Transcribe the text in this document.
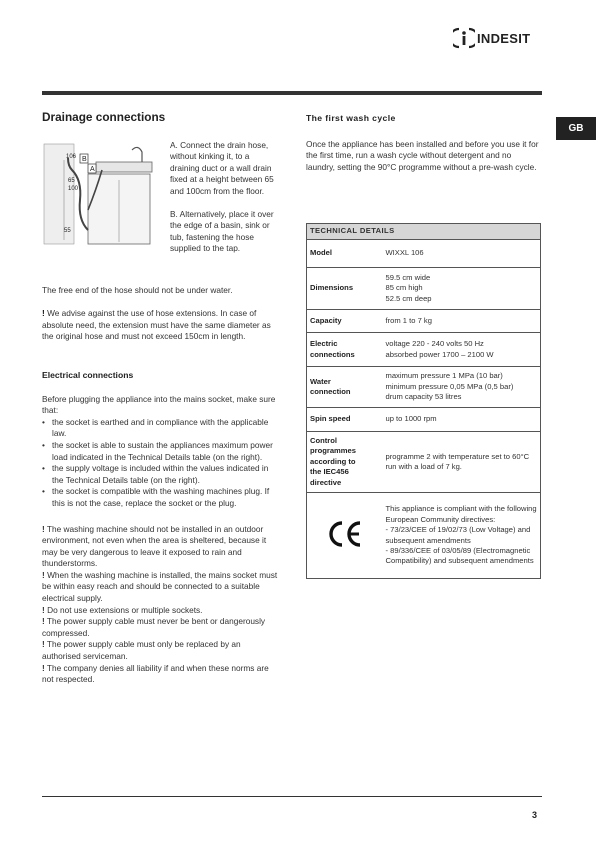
INDESIT
GB
Drainage connections
106
65
100
55
B
A

A. Connect the drain hose, without kinking it, to a draining duct or a wall drain fixed at a height between 65 and 100cm from the floor.

B. Alternatively, place it over the edge of a basin, sink or tub, fastening the hose supplied to the tap.

The free end of the hose should not be under water.

! We advise against the use of hose extensions. In case of absolute need, the extension must have the same diameter as the original hose and must not exceed 150cm in length.

Electrical connections

Before plugging the appliance into the mains socket, make sure that:

• the socket is earthed and in compliance with the applicable law.
• the socket is able to sustain the appliances maximum power load indicated in the Technical Details table (on the right).
• the supply voltage is included within the values indicated in the Technical Details table (on the right).
• the socket is compatible with the washing machines plug. If this is not the case, replace the socket or the plug.

! The washing machine should not be installed in an outdoor environment, not even when the area is sheltered, because it may be very dangerous to leave it exposed to rain and thunderstorms.

! When the washing machine is installed, the mains socket must be within easy reach and should be connected to a suitable electrical supply.

! Do not use extensions or multiple sockets.

! The power supply cable must never be bent or dangerously compressed.

! The power supply cable must only be replaced by an authorised serviceman.

! The company denies all liability if and when these norms are not respected.

The first wash cycle

Once the appliance has been installed and before you use it for the first time, run a wash cycle without detergent and no laundry, setting the 90°C programme without a pre-wash cycle.

TECHNICAL DETAILS	
Model	WIXXL 106
Dimensions	59.5 cm wide
85 cm high
52.5 cm deep
Capacity	from 1 to 7 kg
Electric
connections	voltage 220 - 240 volts 50 Hz
absorbed power 1700 – 2100 W
Water
connection	maximum pressure 1 MPa (10 bar)
minimum pressure 0,05 MPa (0,5 bar)
drum capacity 53 litres
Spin speed	up to 1000 rpm
Control
programmes
according to
the IEC456
directive	programme 2 with temperature set to 60°C run with a load of 7 kg.
	This appliance is compliant with the following European Community directives:
- 73/23/CEE of 19/02/73 (Low Voltage) and subsequent amendments
- 89/336/CEE of 03/05/89 (Electromagnetic Compatibility) and subsequent amendments
3
